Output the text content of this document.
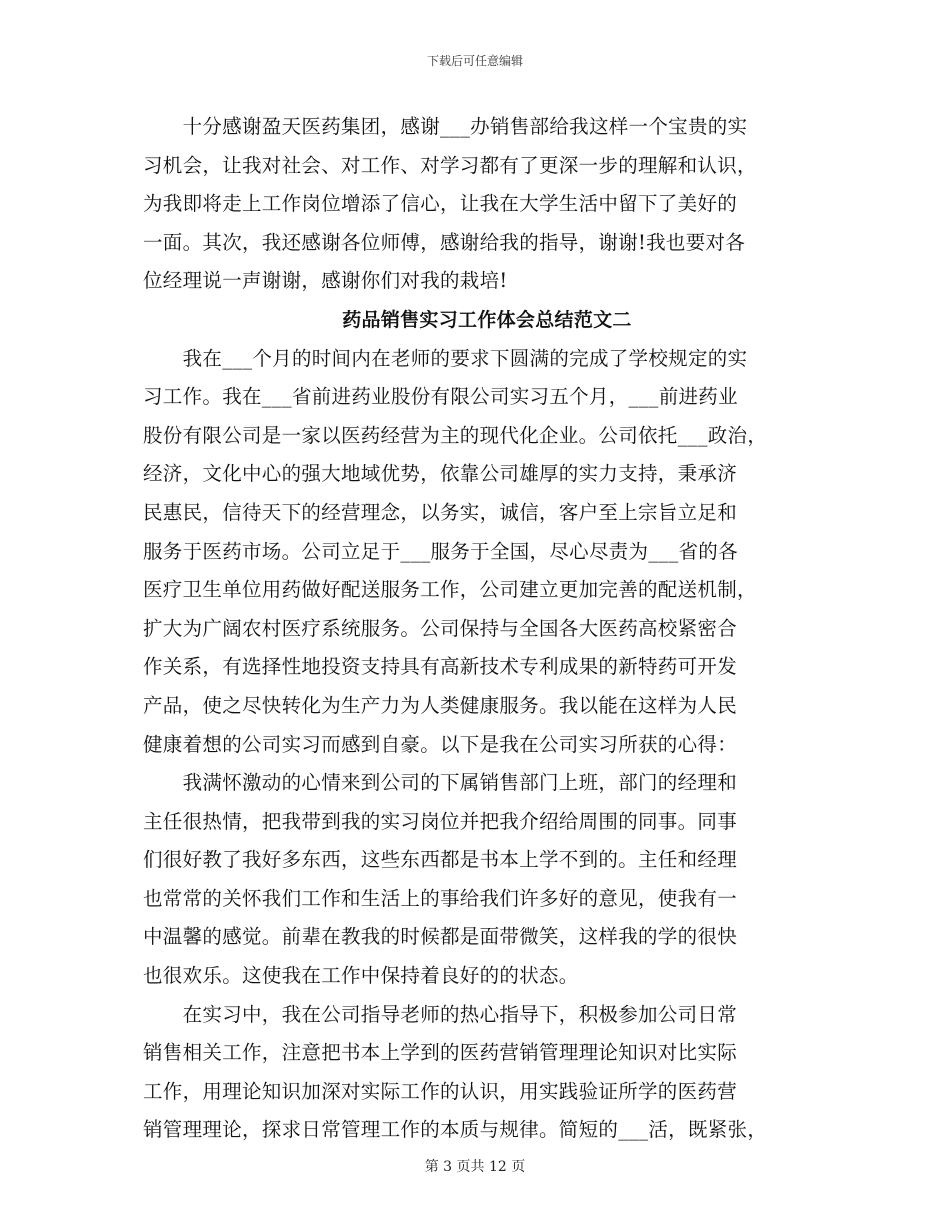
下载后可任意编辑
　　十分感谢盈天医药集团，感谢___办销售部给我这样一个宝贵的实
习机会，让我对社会、对工作、对学习都有了更深一步的理解和认识，
为我即将走上工作岗位增添了信心，让我在大学生活中留下了美好的
一面。其次，我还感谢各位师傅，感谢给我的指导，谢谢!我也要对各
位经理说一声谢谢，感谢你们对我的栽培!
药品销售实习工作体会总结范文二
　　我在___个月的时间内在老师的要求下圆满的完成了学校规定的实
习工作。我在___省前进药业股份有限公司实习五个月，___前进药业
股份有限公司是一家以医药经营为主的现代化企业。公司依托___政治，
经济，文化中心的强大地域优势，依靠公司雄厚的实力支持，秉承济
民惠民，信待天下的经营理念，以务实，诚信，客户至上宗旨立足和
服务于医药市场。公司立足于___服务于全国，尽心尽责为___省的各
医疗卫生单位用药做好配送服务工作，公司建立更加完善的配送机制，
扩大为广阔农村医疗系统服务。公司保持与全国各大医药高校紧密合
作关系，有选择性地投资支持具有高新技术专利成果的新特药可开发
产品，使之尽快转化为生产力为人类健康服务。我以能在这样为人民
健康着想的公司实习而感到自豪。以下是我在公司实习所获的心得：
　　我满怀激动的心情来到公司的下属销售部门上班，部门的经理和
主任很热情，把我带到我的实习岗位并把我介绍给周围的同事。同事
们很好教了我好多东西，这些东西都是书本上学不到的。主任和经理
也常常的关怀我们工作和生活上的事给我们许多好的意见，使我有一
中温馨的感觉。前辈在教我的时候都是面带微笑，这样我的学的很快
也很欢乐。这使我在工作中保持着良好的的状态。
　　在实习中，我在公司指导老师的热心指导下，积极参加公司日常
销售相关工作，注意把书本上学到的医药营销管理理论知识对比实际
工作，用理论知识加深对实际工作的认识，用实践验证所学的医药营
销管理理论，探求日常管理工作的本质与规律。简短的___活，既紧张，
第 3 页共 12 页
